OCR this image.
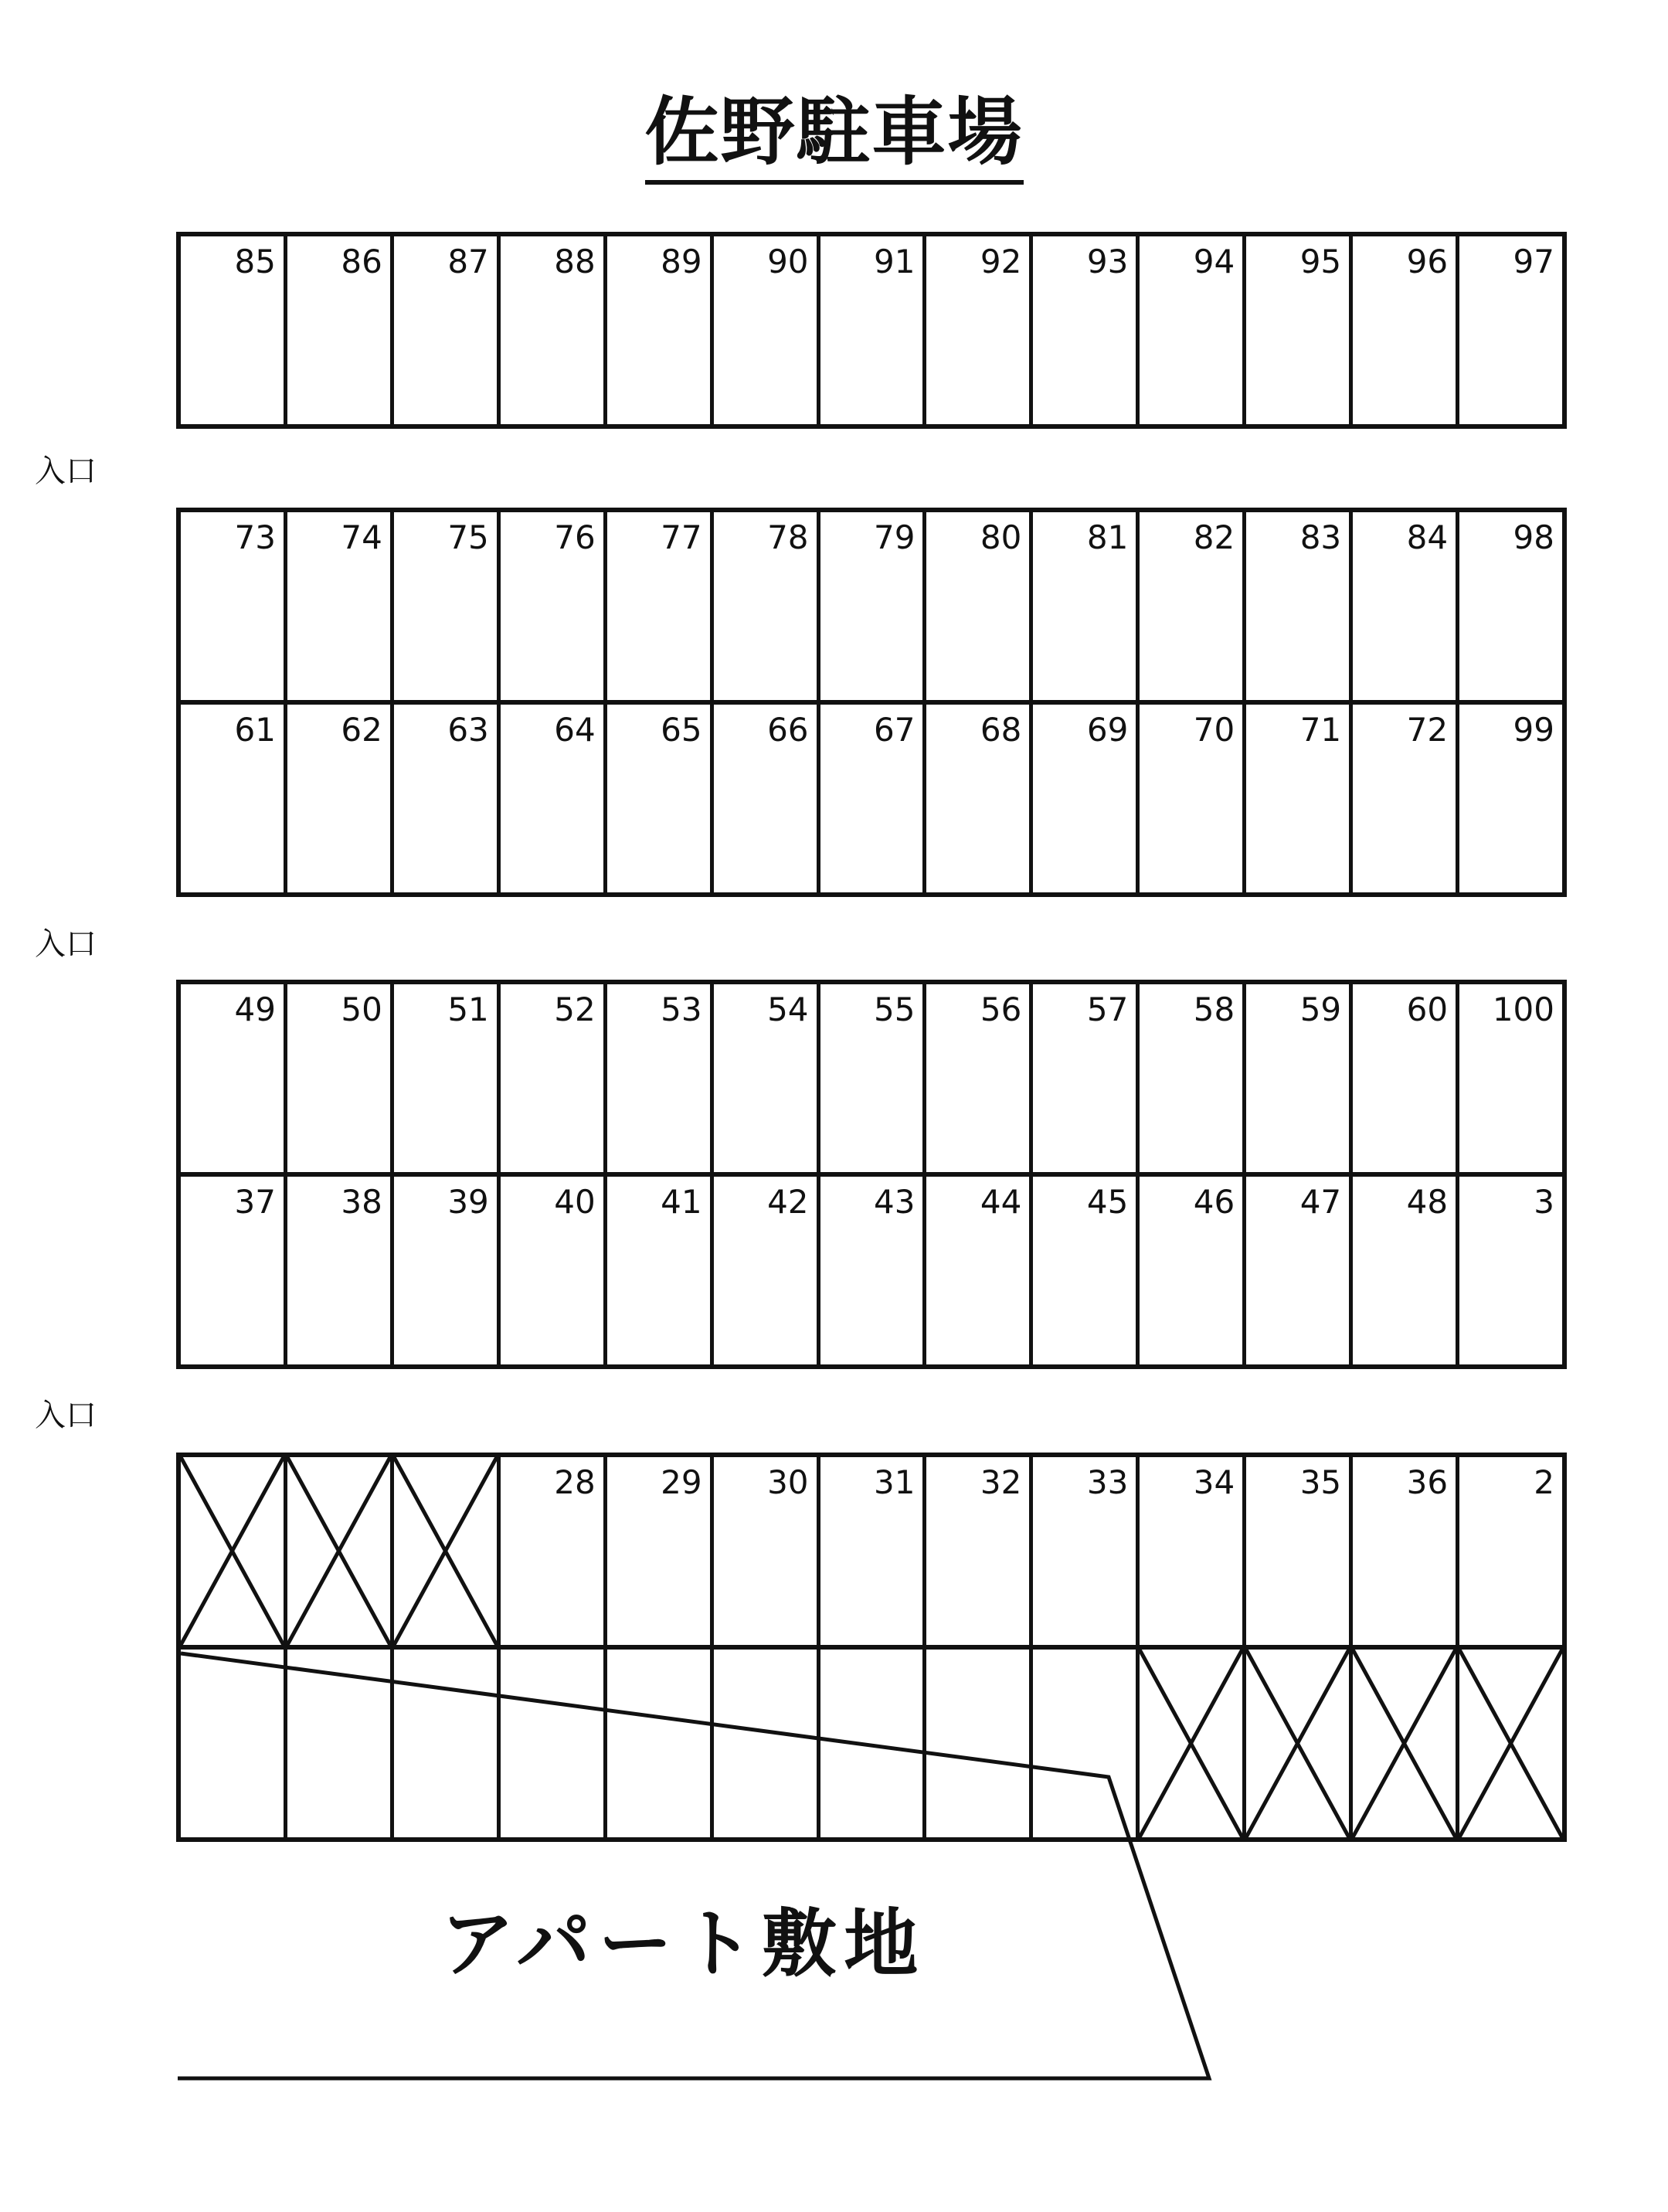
佐野駐車場
入口
入口
入口
85 86 87 88 89 90 91 92 93 94 95 96 97
73 74 75 76 77 78 79 80 81 82 83 84 98
61 62 63 64 65 66 67 68 69 70 71 72 99
49 50 51 52 53 54 55 56 57 58 59 60 100
37 38 39 40 41 42 43 44 45 46 47 48	3
28 29 30 31 32 33 34 35 36	2
アパート敷地
